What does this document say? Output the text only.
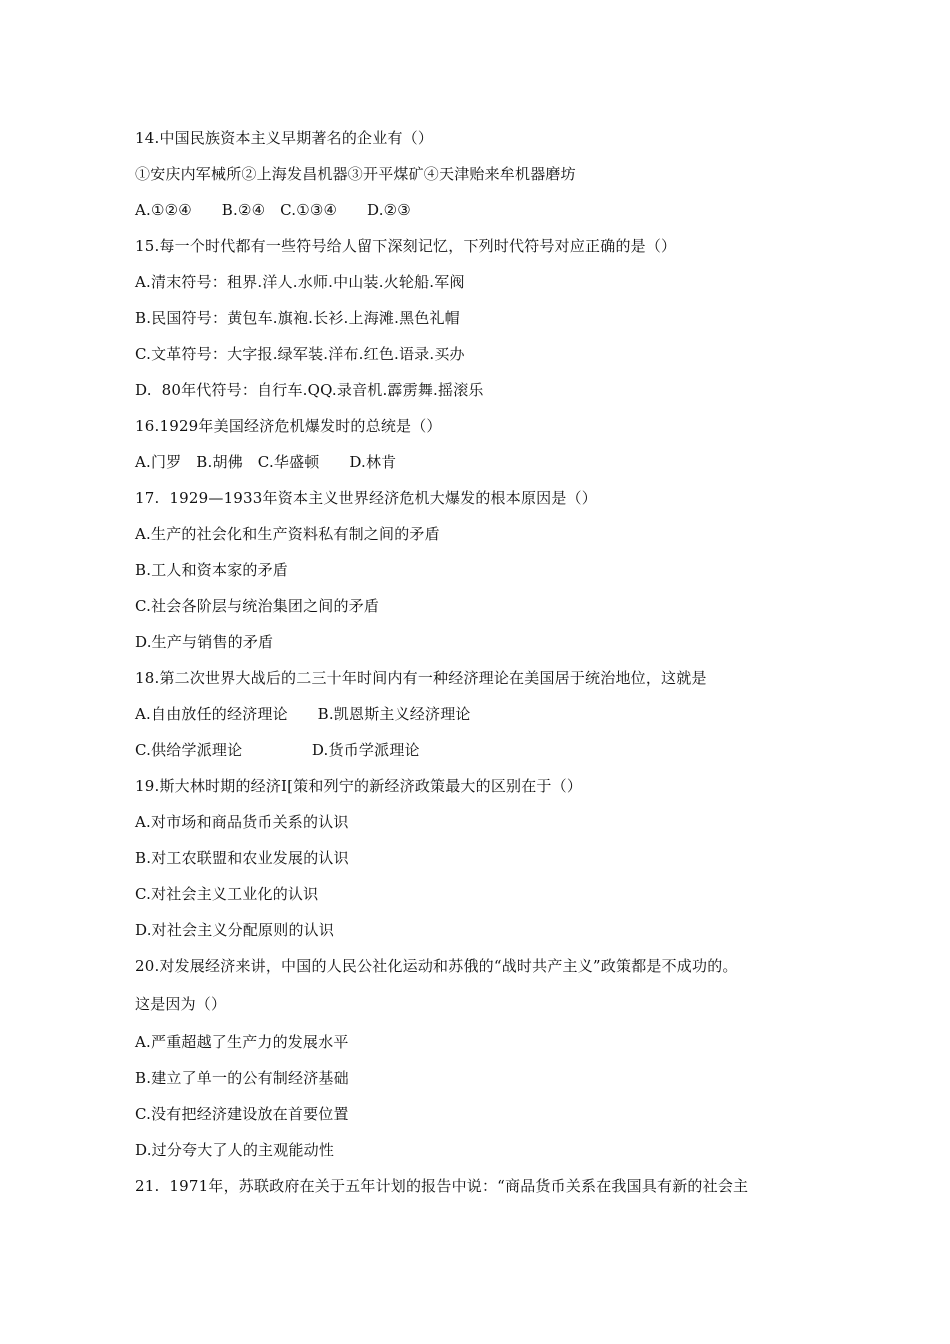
14.中国民族资本主义早期著名的企业有（）
①安庆内军械所②上海发昌机器③开平煤矿④天津贻来牟机器磨坊
A.①②④      B.②④   C.①③④      D.②③
15.每一个时代都有一些符号给人留下深刻记忆，下列时代符号对应正确的是（）
A.清末符号：租界.洋人.水师.中山装.火轮船.军阀
B.民国符号：黄包车.旗袍.长衫.上海滩.黑色礼帽
C.文革符号：大字报.绿军装.洋布.红色.语录.买办
D.  80年代符号：自行车.QQ.录音机.霹雳舞.摇滚乐
16.1929年美国经济危机爆发时的总统是（）
A.门罗   B.胡佛   C.华盛顿      D.林肯
17.  1929—1933年资本主义世界经济危机大爆发的根本原因是（）
A.生产的社会化和生产资料私有制之间的矛盾
B.工人和资本家的矛盾
C.社会各阶层与统治集团之间的矛盾
D.生产与销售的矛盾
18.第二次世界大战后的二三十年时间内有一种经济理论在美国居于统治地位，这就是
A.自由放任的经济理论      B.凯恩斯主义经济理论
C.供给学派理论              D.货币学派理论
19.斯大林时期的经济I[策和列宁的新经济政策最大的区别在于（）
A.对市场和商品货币关系的认识
B.对工农联盟和农业发展的认识
C.对社会主义工业化的认识
D.对社会主义分配原则的认识
20.对发展经济来讲，中国的人民公社化运动和苏俄的“战时共产主义”政策都是不成功的。
这是因为（）
A.严重超越了生产力的发展水平
B.建立了单一的公有制经济基础
C.没有把经济建设放在首要位置
D.过分夸大了人的主观能动性
21.  1971年，苏联政府在关于五年计划的报告中说：“商品货币关系在我国具有新的社会主
